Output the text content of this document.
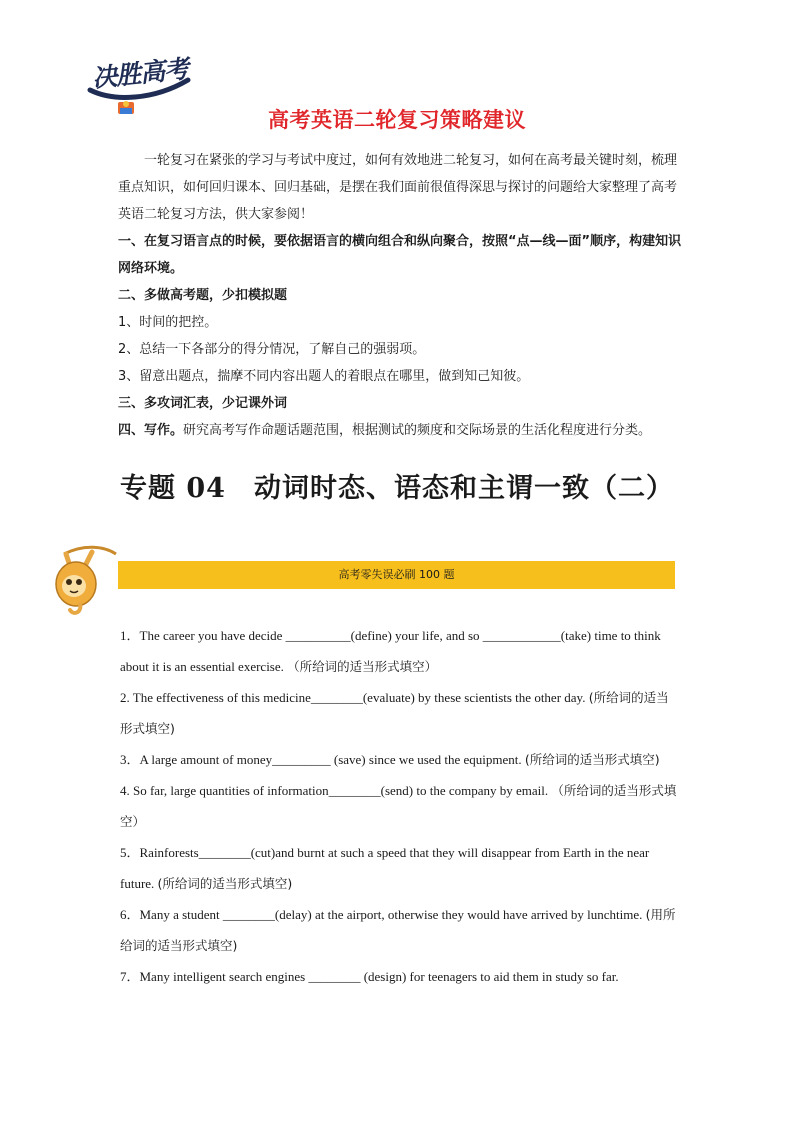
决胜高考
高考英语二轮复习策略建议

一轮复习在紧张的学习与考试中度过，如何有效地进二轮复习，如何在高考最关键时刻，梳理重点知识，如何回归课本、回归基础，是摆在我们面前很值得深思与探讨的问题给大家整理了高考英语二轮复习方法，供大家参阅！

一、在复习语言点的时候，要依据语言的横向组合和纵向聚合，按照“点—线—面”顺序，构建知识网络环境。

二、多做高考题，少扣模拟题

1、时间的把控。

2、总结一下各部分的得分情况，了解自己的强弱项。

3、留意出题点，揣摩不同内容出题人的着眼点在哪里，做到知己知彼。

三、多攻词汇表，少记课外词

四、写作。研究高考写作命题话题范围，根据测试的频度和交际场景的生活化程度进行分类。

专题 04　动词时态、语态和主谓一致（二）
高考零失误必刷 100 题

1．The career you have decide __________(define) your life, and so ____________(take) time to think about it is an essential exercise. （所给词的适当形式填空）

2. The effectiveness of this medicine________(evaluate) by these scientists the other day. (所给词的适当形式填空)

3．A large amount of money_________ (save) since we used the equipment. (所给词的适当形式填空)

4. So far, large quantities of information________(send) to the company by email. （所给词的适当形式填空）

5．Rainforests________(cut)and burnt at such a speed that they will disappear from Earth in the near future. (所给词的适当形式填空)

6．Many a student ________(delay) at the airport, otherwise they would have arrived by lunchtime. (用所给词的适当形式填空)

7．Many intelligent search engines ________ (design) for teenagers to aid them in study so far.
